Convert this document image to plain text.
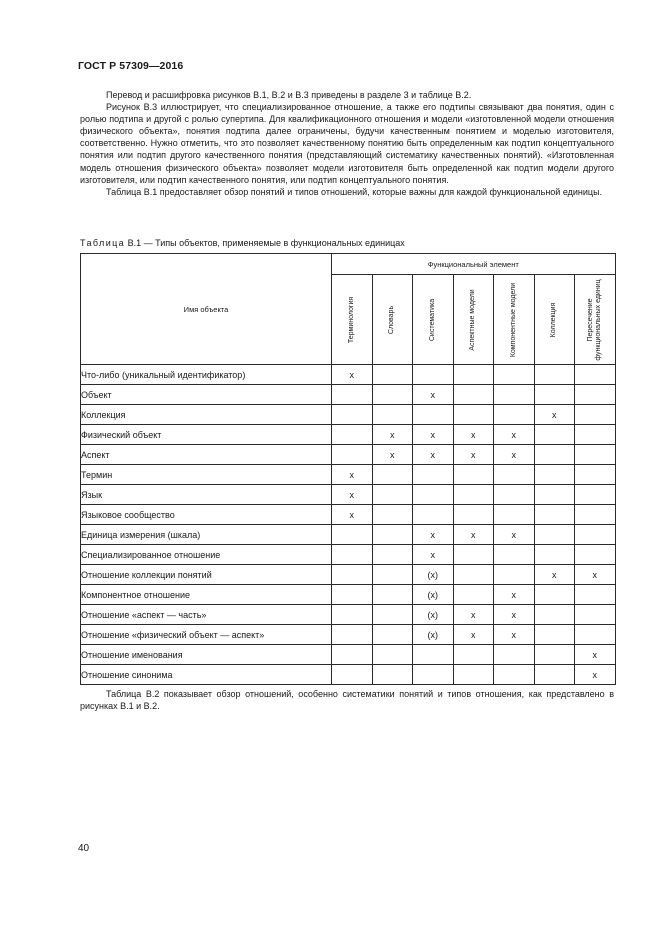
ГОСТ Р 57309—2016

Перевод и расшифровка рисунков В.1, В.2 и В.3 приведены в разделе 3 и таблице В.2.

Рисунок В.3 иллюстрирует, что специализированное отношение, а также его подтипы связывают два понятия, один с ролью подтипа и другой с ролью супертипа. Для квалификационного отношения и модели «изготовленной модели отношения физического объекта», понятия подтипа далее ограничены, будучи качественным понятием и моделью изготовителя, соответственно. Нужно отметить, что это позволяет качественному понятию быть определенным как подтип концептуального понятия или подтип другого качественного понятия (представляющий систематику качественных понятий). «Изготовленная модель отношения физического объекта» позволяет модели изготовителя быть определенной как подтип модели другого изготовителя, или подтип качественного понятия, или подтип концептуального понятия.

Таблица В.1 предоставляет обзор понятий и типов отношений, которые важны для каждой функциональной единицы.

Таблица В.1 — Типы объектов, применяемые в функциональных единицах
Имя объекта	Функциональный элемент						

	Терминология	Словарь	Систематика	Аспектные модели	Компонентные модели	Коллекция	Пересечение функциональных единиц

Что-либо (уникальный идентификатор)	x						
Объект			x				
Коллекция						x	
Физический объект		x	x	x	x		
Аспект		x	x	x	x		
Термин	x						
Язык	x						
Языковое сообщество	x						
Единица измерения (шкала)			x	x	x		
Специализированное отношение			x				
Отношение коллекции понятий			(x)			x	x
Компонентное отношение			(x)		x		
Отношение «аспект — часть»			(x)	x	x		
Отношение «физический объект — аспект»			(x)	x	x		
Отношение именования							x
Отношение синонима							x

Таблица В.2 показывает обзор отношений, особенно систематики понятий и типов отношения, как представлено в рисунках В.1 и В.2.

40
